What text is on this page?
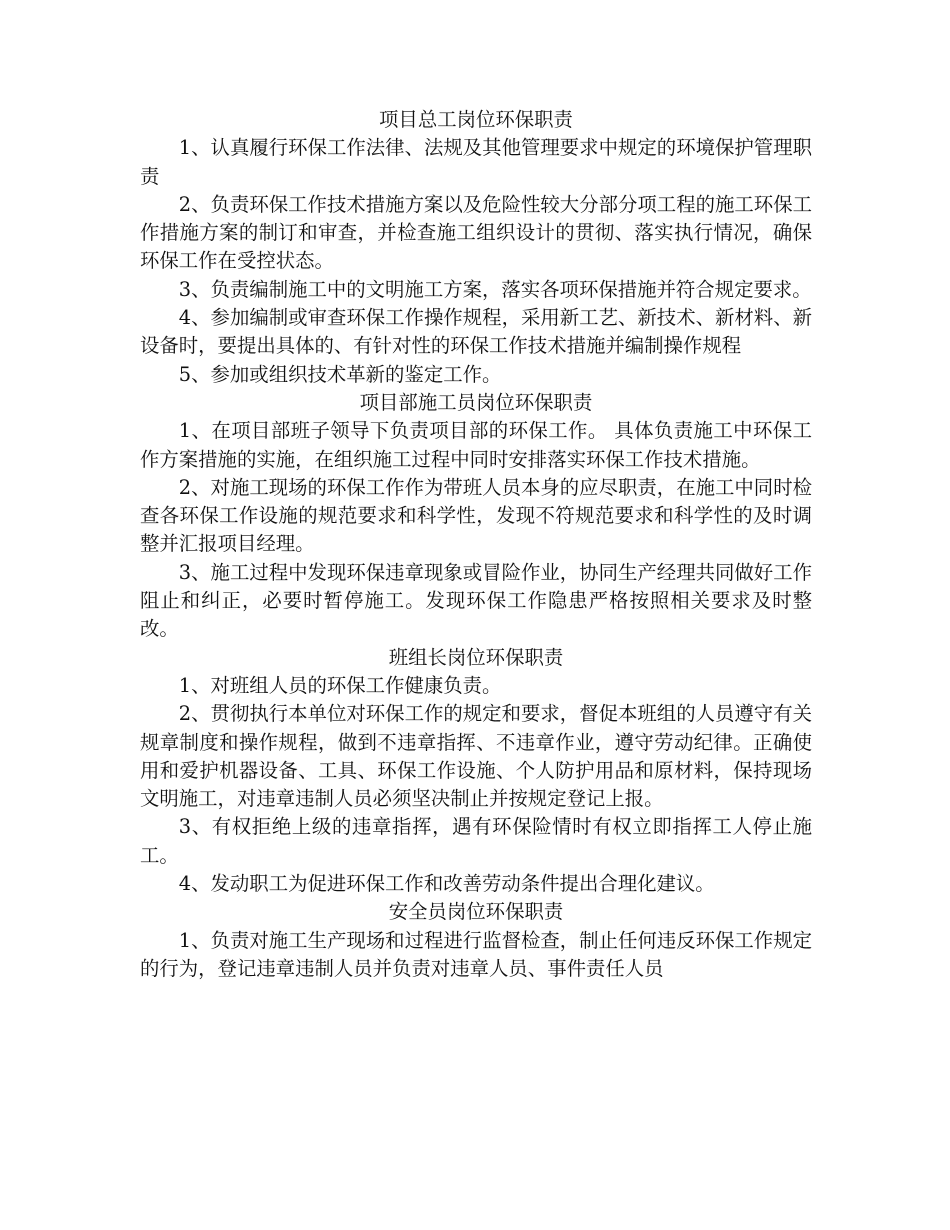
项目总工岗位环保职责

1、认真履行环保工作法律、法规及其他管理要求中规定的环境保护管理职责

2、负责环保工作技术措施方案以及危险性较大分部分项工程的施工环保工作措施方案的制订和审查，并检查施工组织设计的贯彻、落实执行情况，确保环保工作在受控状态。

3、负责编制施工中的文明施工方案，落实各项环保措施并符合规定要求。

4、参加编制或审查环保工作操作规程，采用新工艺、新技术、新材料、新设备时，要提出具体的、有针对性的环保工作技术措施并编制操作规程

5、参加或组织技术革新的鉴定工作。

项目部施工员岗位环保职责

1、在项目部班子领导下负责项目部的环保工作。 具体负责施工中环保工作方案措施的实施，在组织施工过程中同时安排落实环保工作技术措施。

2、对施工现场的环保工作作为带班人员本身的应尽职责，在施工中同时检查各环保工作设施的规范要求和科学性，发现不符规范要求和科学性的及时调整并汇报项目经理。

3、施工过程中发现环保违章现象或冒险作业，协同生产经理共同做好工作阻止和纠正，必要时暂停施工。发现环保工作隐患严格按照相关要求及时整改。

班组长岗位环保职责

1、对班组人员的环保工作健康负责。

2、贯彻执行本单位对环保工作的规定和要求，督促本班组的人员遵守有关规章制度和操作规程，做到不违章指挥、不违章作业，遵守劳动纪律。正确使用和爱护机器设备、工具、环保工作设施、个人防护用品和原材料，保持现场文明施工，对违章违制人员必须坚决制止并按规定登记上报。

3、有权拒绝上级的违章指挥，遇有环保险情时有权立即指挥工人停止施工。

4、发动职工为促进环保工作和改善劳动条件提出合理化建议。

安全员岗位环保职责

1、负责对施工生产现场和过程进行监督检查，制止任何违反环保工作规定的行为，登记违章违制人员并负责对违章人员、事件责任人员
